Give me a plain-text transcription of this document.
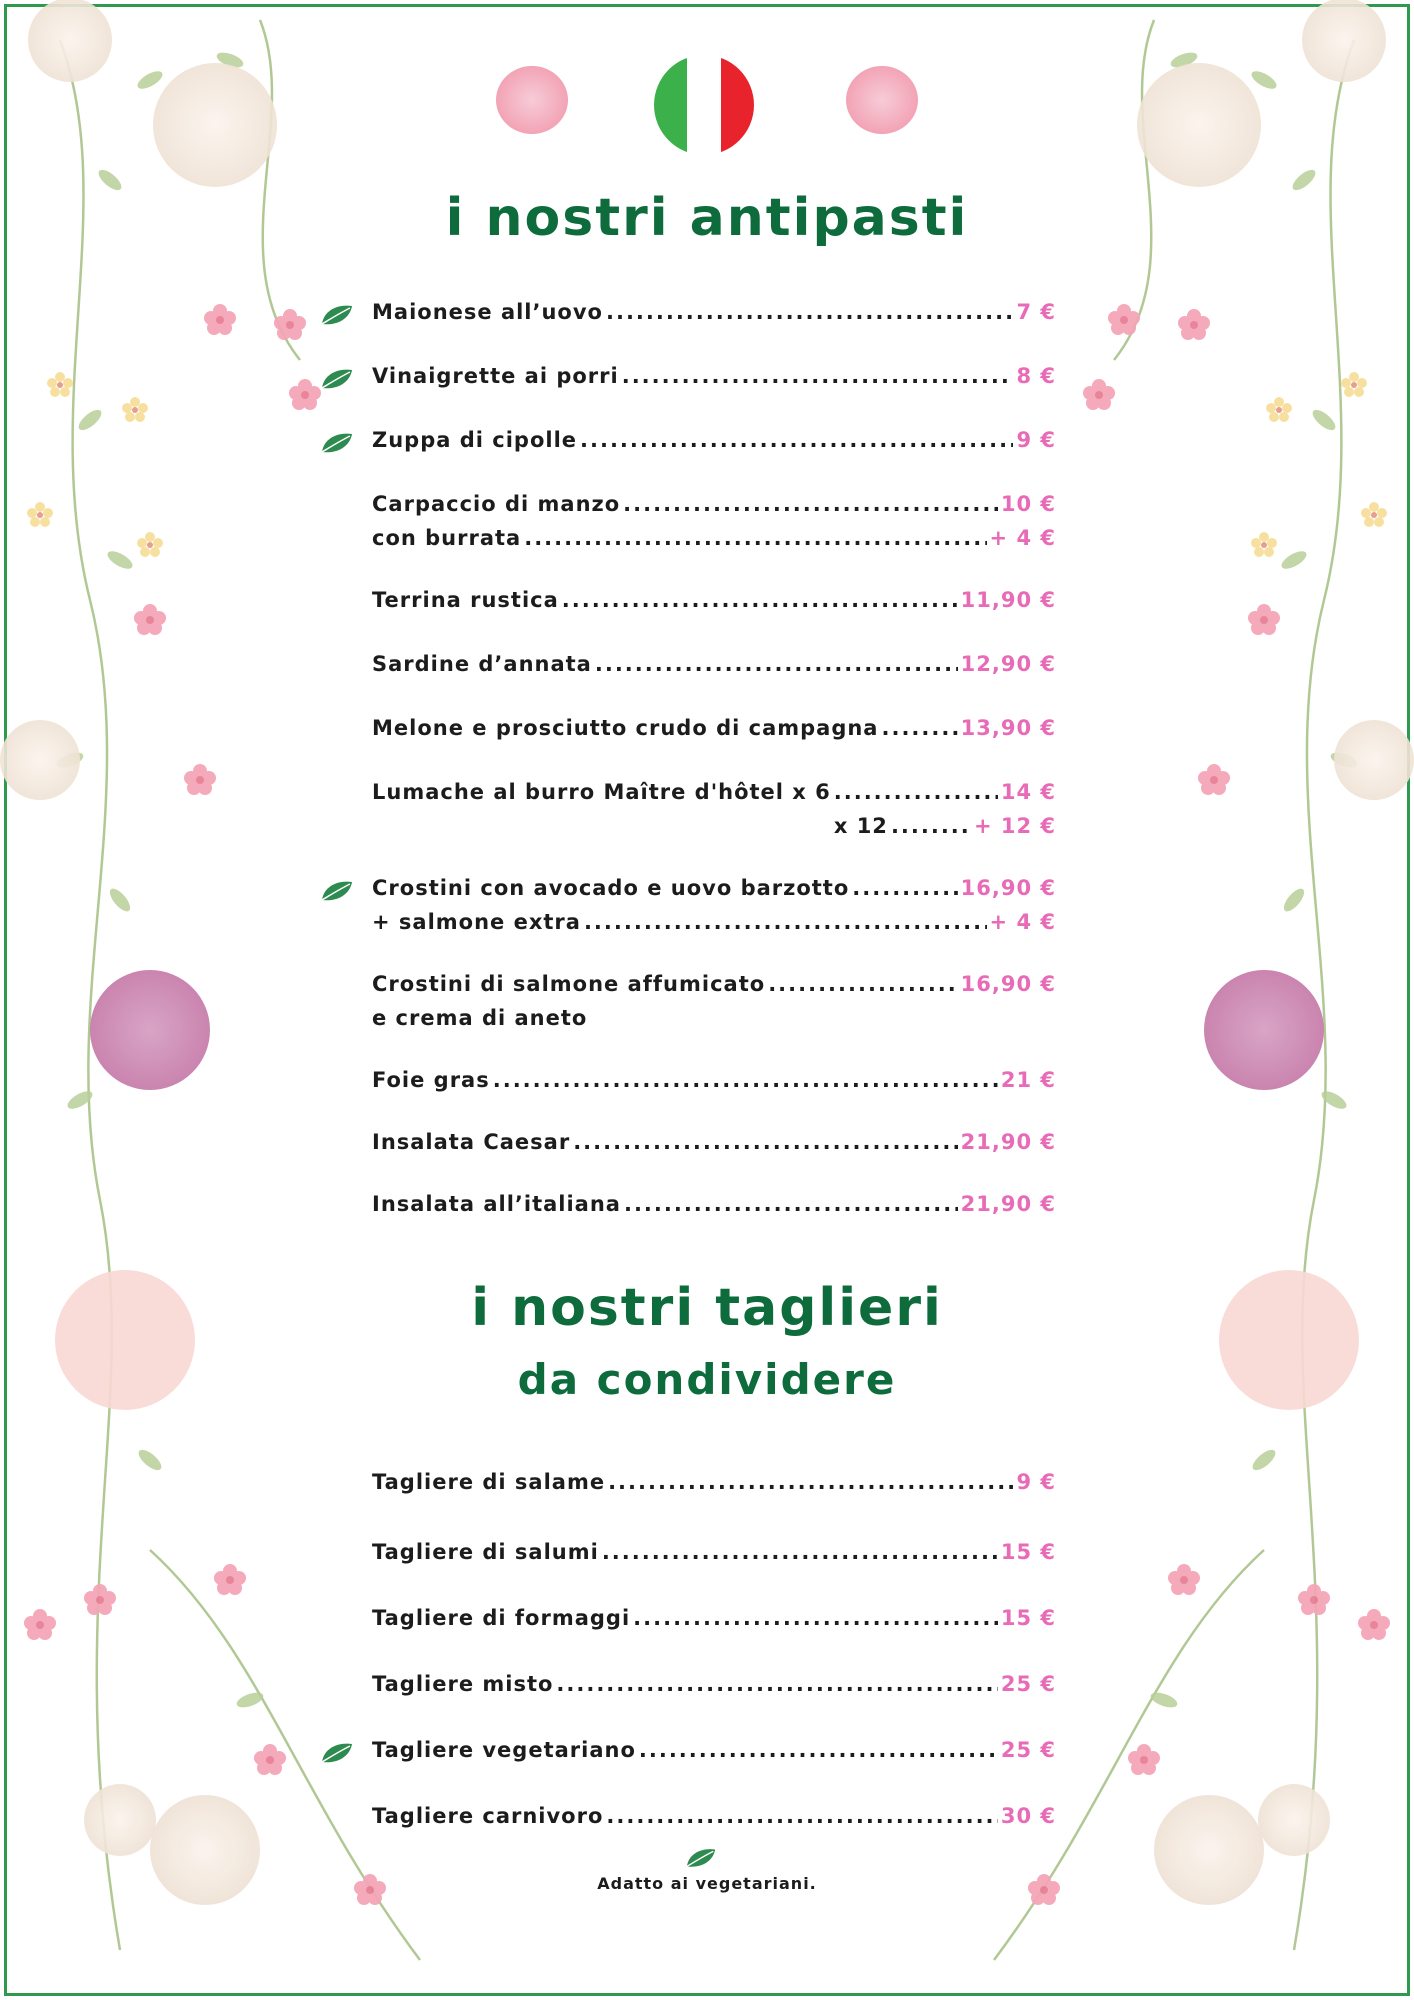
i nostri antipasti
Maionese all’uovo .....	7 €
Vinaigrette ai porri .....	8 €
Zuppa di cipolle .....	9 €
Carpaccio di manzo .....	10 €
con burrata .....	+ 4 €
Terrina rustica .....	11,90 €
Sardine d’annata .....	12,90 €
Melone e prosciutto crudo di campagna .....	13,90 €
Lumache al burro Maître d'hôtel x 6 .....	14 €
x 12 .....	+ 12 €
Crostini con avocado e uovo barzotto .....	16,90 €
+ salmone extra .....	+ 4 €
Crostini di salmone affumicato .....	16,90 €
e crema di aneto
Foie gras .....	21 €
Insalata Caesar .....	21,90 €
Insalata all’italiana .....	21,90 €
i nostri taglieri
da condividere
Tagliere di salame .....	9 €
Tagliere di salumi .....	15 €
Tagliere di formaggi .....	15 €
Tagliere misto .....	25 €
Tagliere vegetariano .....	25 €
Tagliere carnivoro .....	30 €
Adatto ai vegetariani.
